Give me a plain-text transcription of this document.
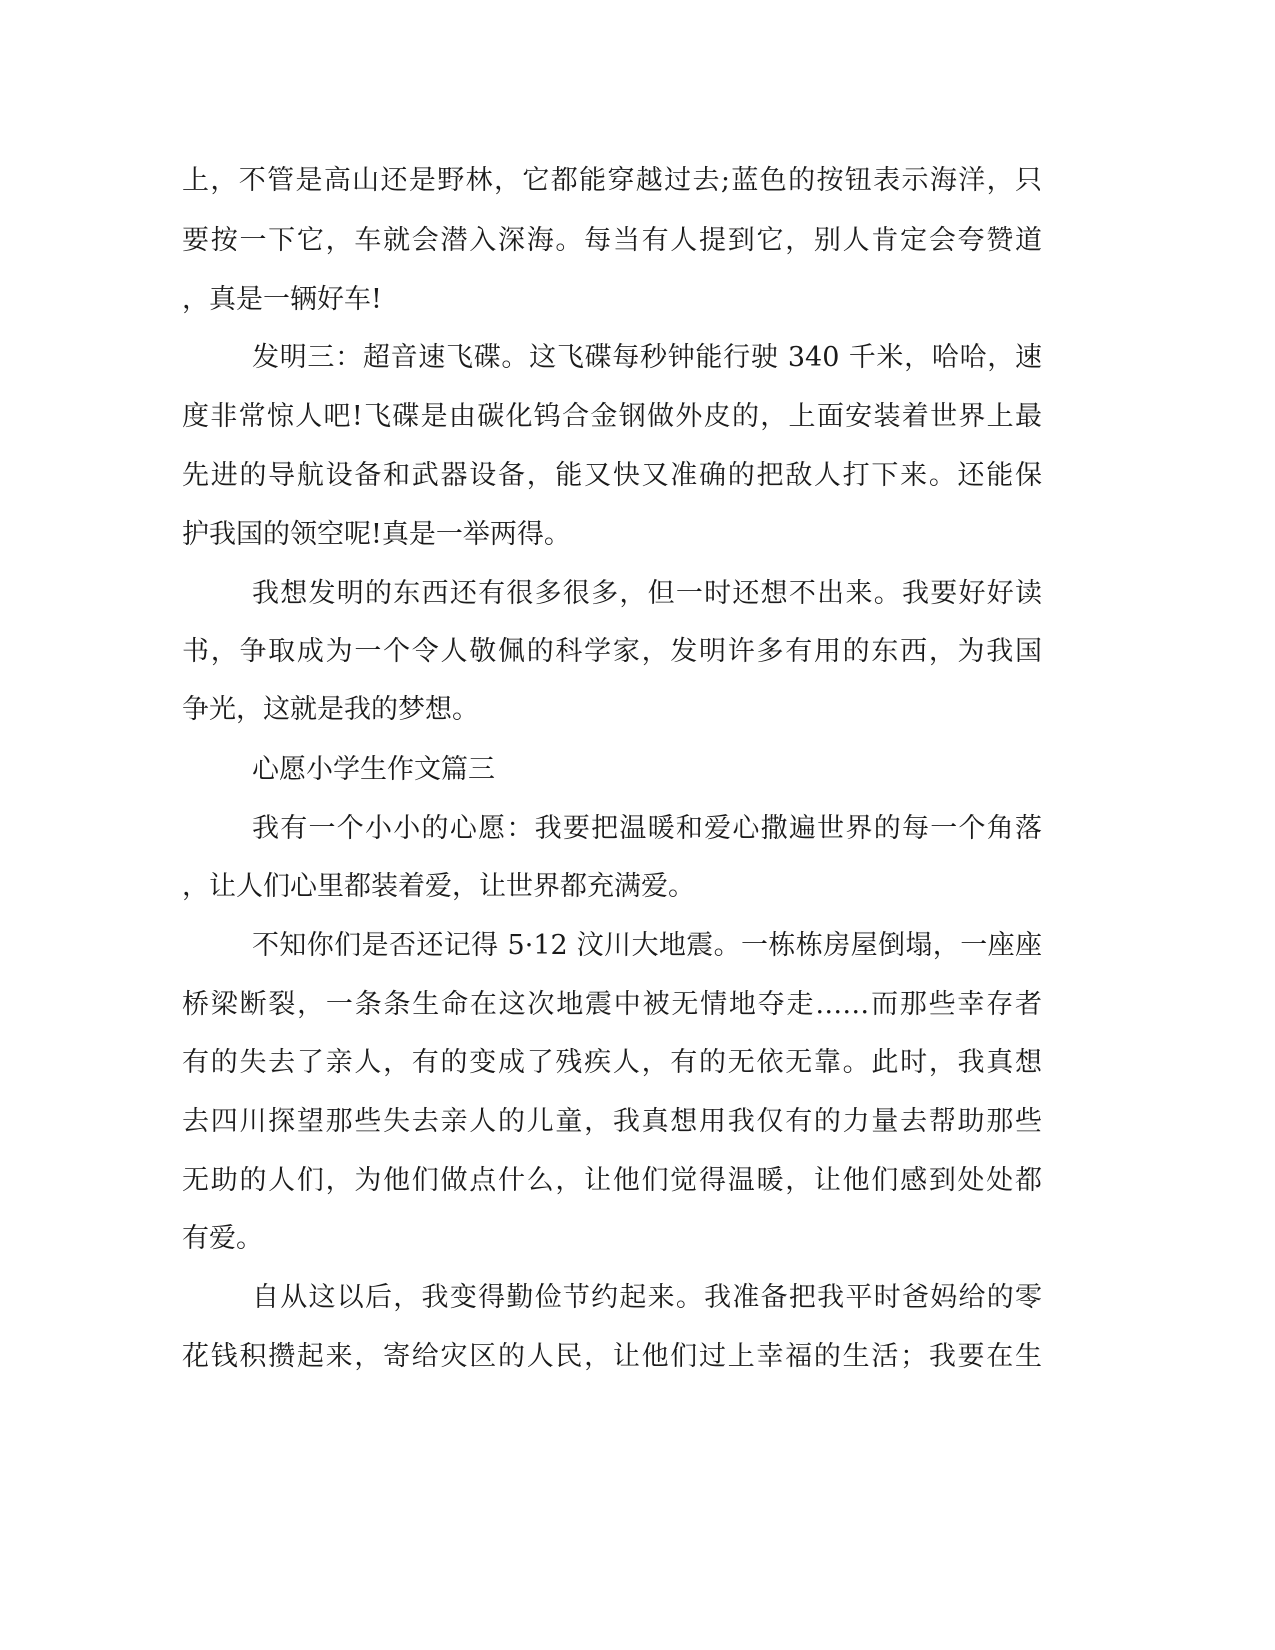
上，不管是高山还是野林，它都能穿越过去;蓝色的按钮表示海洋，只
要按一下它，车就会潜入深海。每当有人提到它，别人肯定会夸赞道
，真是一辆好车!
发明三：超音速飞碟。这飞碟每秒钟能行驶 340 千米，哈哈，速
度非常惊人吧!飞碟是由碳化钨合金钢做外皮的，上面安装着世界上最
先进的导航设备和武器设备，能又快又准确的把敌人打下来。还能保
护我国的领空呢!真是一举两得。
我想发明的东西还有很多很多，但一时还想不出来。我要好好读
书，争取成为一个令人敬佩的科学家，发明许多有用的东西，为我国
争光，这就是我的梦想。
心愿小学生作文篇三
我有一个小小的心愿：我要把温暖和爱心撒遍世界的每一个角落
，让人们心里都装着爱，让世界都充满爱。
不知你们是否还记得 5·12 汶川大地震。一栋栋房屋倒塌，一座座
桥梁断裂，一条条生命在这次地震中被无情地夺走……而那些幸存者
有的失去了亲人，有的变成了残疾人，有的无依无靠。此时，我真想
去四川探望那些失去亲人的儿童，我真想用我仅有的力量去帮助那些
无助的人们，为他们做点什么，让他们觉得温暖，让他们感到处处都
有爱。
自从这以后，我变得勤俭节约起来。我准备把我平时爸妈给的零
花钱积攒起来，寄给灾区的人民，让他们过上幸福的生活；我要在生
